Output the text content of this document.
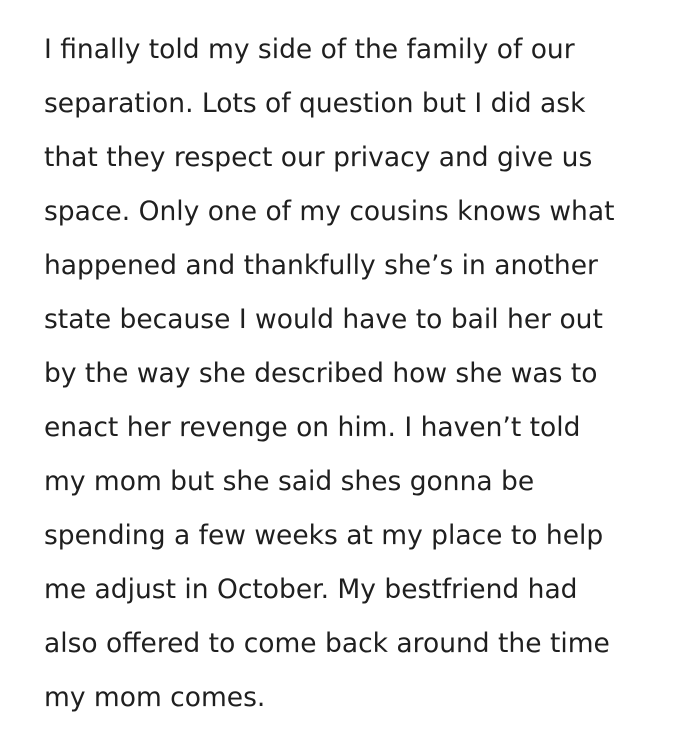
I finally told my side of the family of our
separation. Lots of question but I did ask
that they respect our privacy and give us
space. Only one of my cousins knows what
happened and thankfully she’s in another
state because I would have to bail her out
by the way she described how she was to
enact her revenge on him. I haven’t told
my mom but she said shes gonna be
spending a few weeks at my place to help
me adjust in October. My bestfriend had
also offered to come back around the time
my mom comes.
